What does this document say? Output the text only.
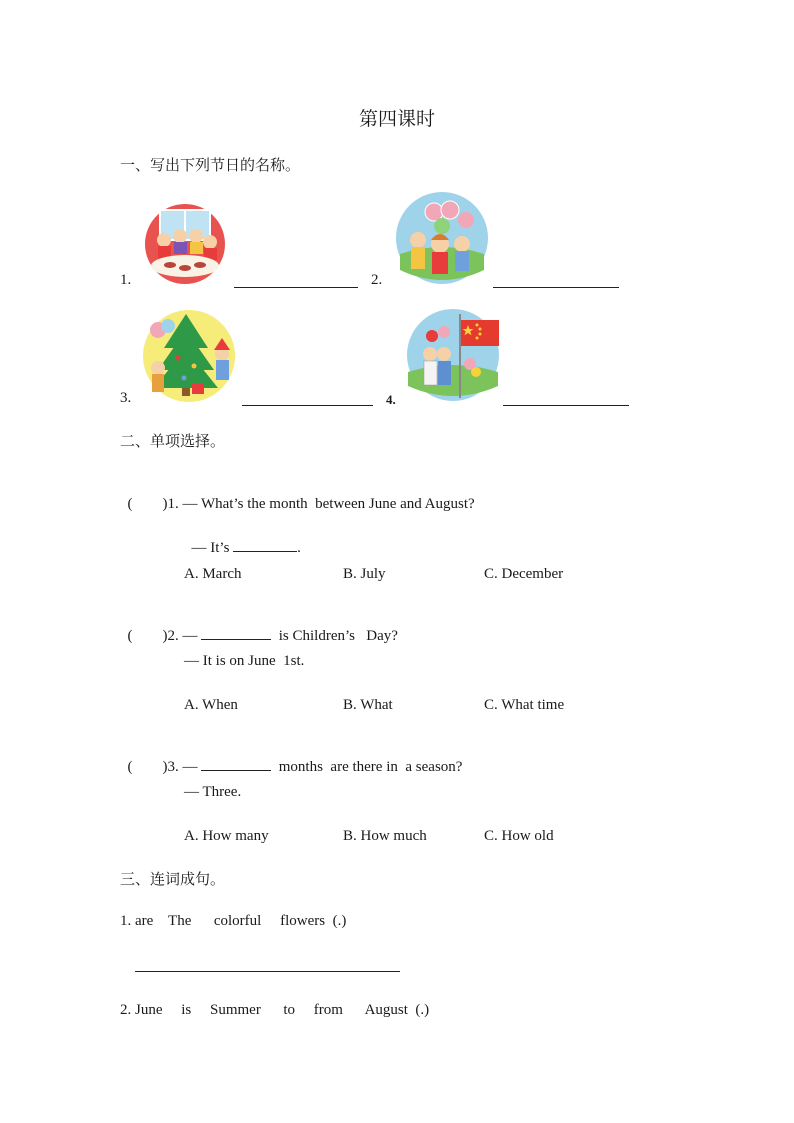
第四课时
一、写出下列节日的名称。
1.	2.
3.	4.
二、单项选择。

(        )1. — What’s the month  between June and August?

— It’s	.

A. March	B. July	C. December

(        )2. —	is Children’s   Day?

— It is on June  1st.
A. When	B. What	C. What time

(        )3. —	months  are there in  a season?

— Three.
A. How many	B. How much	C. How old
三、连词成句。
1. are    The      colorful     flowers  (.)
2. June     is     Summer      to     from      August  (.)
